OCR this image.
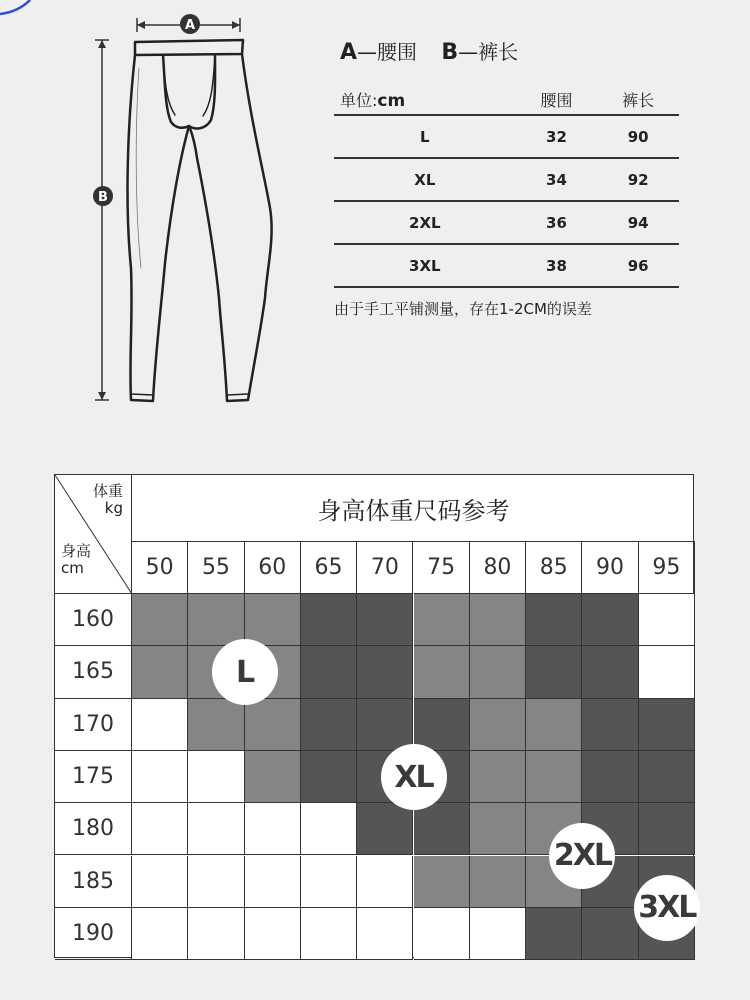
A
B
A—腰围 B—裤长
单位:cm	腰围	裤长
L	32	90
XL	34	92
2XL	36	94
3XL	38	96
由于手工平铺测量，存在1-2CM的误差
体重
kg
身高
cm
身高体重尺码参考
50	55	60	65	70	75	80	85	90	95
160
165
170
175
180
185
190
L
XL
2XL
3XL
